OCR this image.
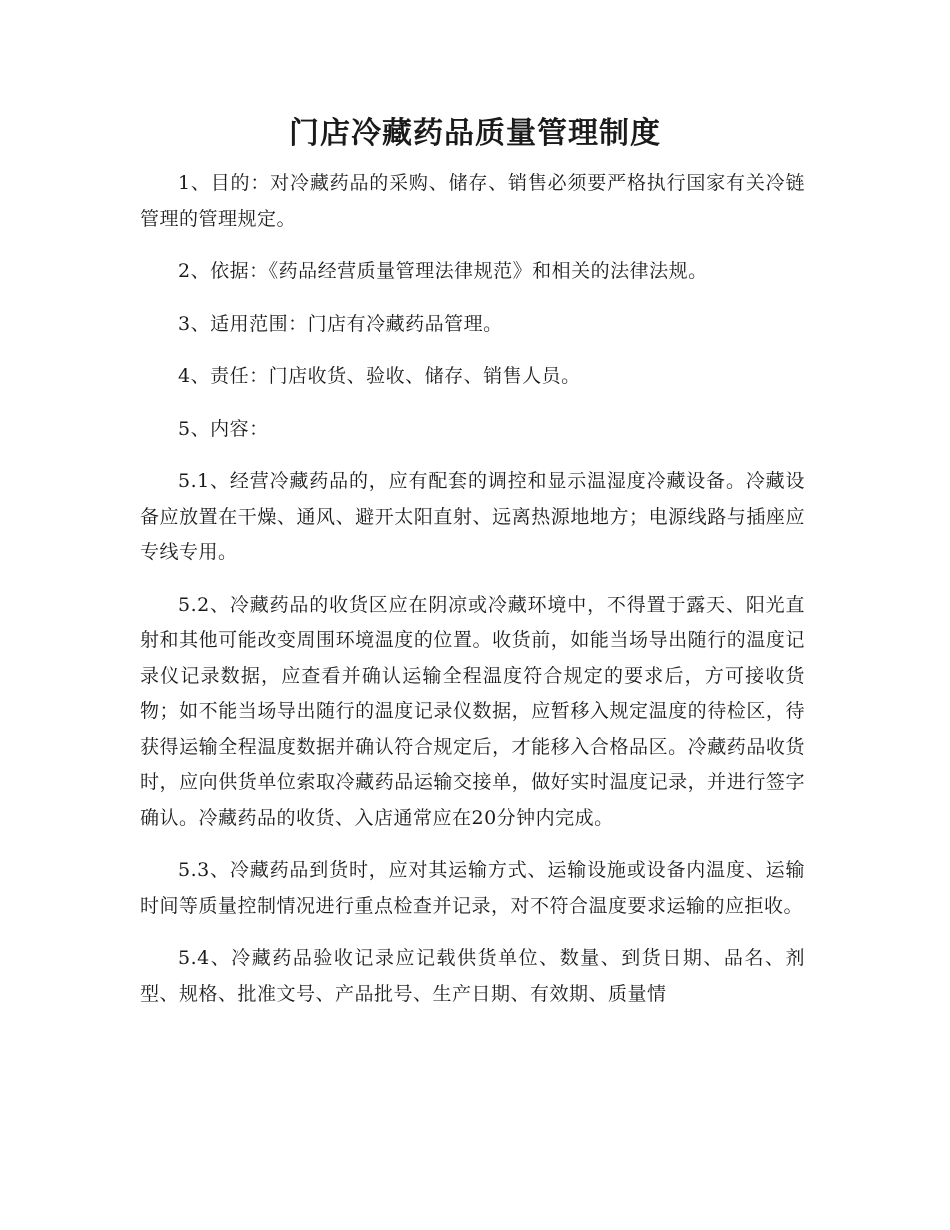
门店冷藏药品质量管理制度

1、目的：对冷藏药品的采购、储存、销售必须要严格执行国家有关冷链管理的管理规定。

2、依据：《药品经营质量管理法律规范》和相关的法律法规。

3、适用范围：门店有冷藏药品管理。

4、责任：门店收货、验收、储存、销售人员。

5、内容：

5.1、经营冷藏药品的，应有配套的调控和显示温湿度冷藏设备。冷藏设备应放置在干燥、通风、避开太阳直射、远离热源地地方；电源线路与插座应专线专用。

5.2、冷藏药品的收货区应在阴凉或冷藏环境中，不得置于露天、阳光直射和其他可能改变周围环境温度的位置。收货前，如能当场导出随行的温度记录仪记录数据，应查看并确认运输全程温度符合规定的要求后，方可接收货物；如不能当场导出随行的温度记录仪数据，应暂移入规定温度的待检区，待获得运输全程温度数据并确认符合规定后，才能移入合格品区。冷藏药品收货时，应向供货单位索取冷藏药品运输交接单，做好实时温度记录，并进行签字确认。冷藏药品的收货、入店通常应在20分钟内完成。

5.3、冷藏药品到货时，应对其运输方式、运输设施或设备内温度、运输时间等质量控制情况进行重点检查并记录，对不符合温度要求运输的应拒收。

5.4、冷藏药品验收记录应记载供货单位、数量、到货日期、品名、剂型、规格、批准文号、产品批号、生产日期、有效期、质量情
